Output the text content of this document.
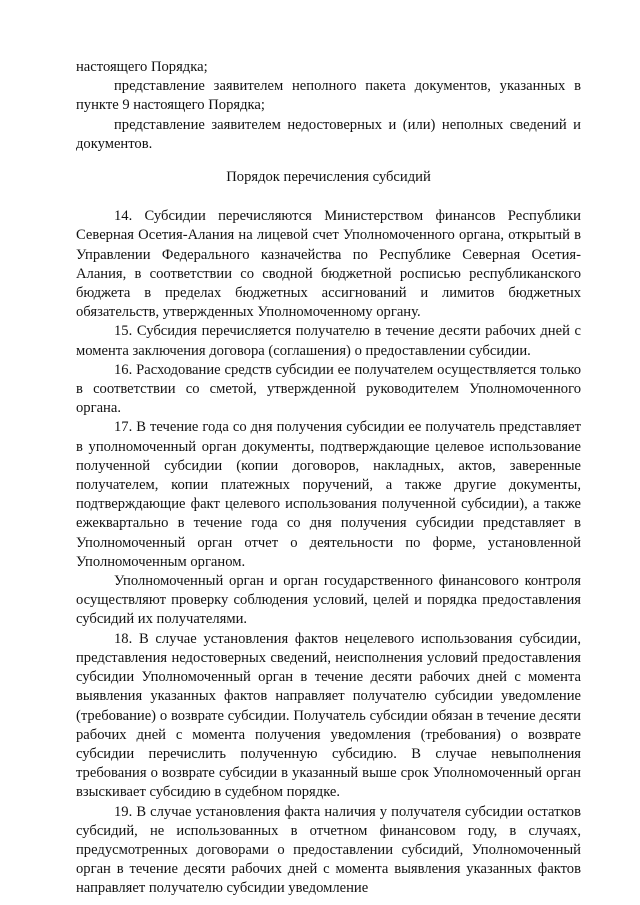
настоящего Порядка;

представление заявителем неполного пакета документов, указанных в пункте 9 настоящего Порядка;

представление заявителем недостоверных и (или) неполных сведений и документов.

Порядок перечисления субсидий

14. Субсидии перечисляются Министерством финансов Республики Северная Осетия-Алания на лицевой счет Уполномоченного органа, открытый в Управлении Федерального казначейства по Республике Северная Осетия-Алания, в соответствии со сводной бюджетной росписью республиканского бюджета в пределах бюджетных ассигнований и лимитов бюджетных обязательств, утвержденных Уполномоченному органу.

15. Субсидия перечисляется получателю в течение десяти рабочих дней с момента заключения договора (соглашения) о предоставлении субсидии.

16. Расходование средств субсидии ее получателем осуществляется только в соответствии со сметой, утвержденной руководителем Уполномоченного органа.

17. В течение года со дня получения субсидии ее получатель представляет в уполномоченный орган документы, подтверждающие целевое использование полученной субсидии (копии договоров, накладных, актов, заверенные получателем, копии платежных поручений, а также другие документы, подтверждающие факт целевого использования полученной субсидии), а также ежеквартально в течение года со дня получения субсидии представляет в Уполномоченный орган отчет о деятельности по форме, установленной Уполномоченным органом.

Уполномоченный орган и орган государственного финансового контроля осуществляют проверку соблюдения условий, целей и порядка предоставления субсидий их получателями.

18. В случае установления фактов нецелевого использования субсидии, представления недостоверных сведений, неисполнения условий предоставления субсидии Уполномоченный орган в течение десяти рабочих дней с момента выявления указанных фактов направляет получателю субсидии уведомление (требование) о возврате субсидии. Получатель субсидии обязан в течение десяти рабочих дней с момента получения уведомления (требования) о возврате субсидии перечислить полученную субсидию. В случае невыполнения требования о возврате субсидии в указанный выше срок Уполномоченный орган взыскивает субсидию в судебном порядке.

19. В случае установления факта наличия у получателя субсидии остатков субсидий, не использованных в отчетном финансовом году, в случаях, предусмотренных договорами о предоставлении субсидий, Уполномоченный орган в течение десяти рабочих дней с момента выявления указанных фактов направляет получателю субсидии уведомление
